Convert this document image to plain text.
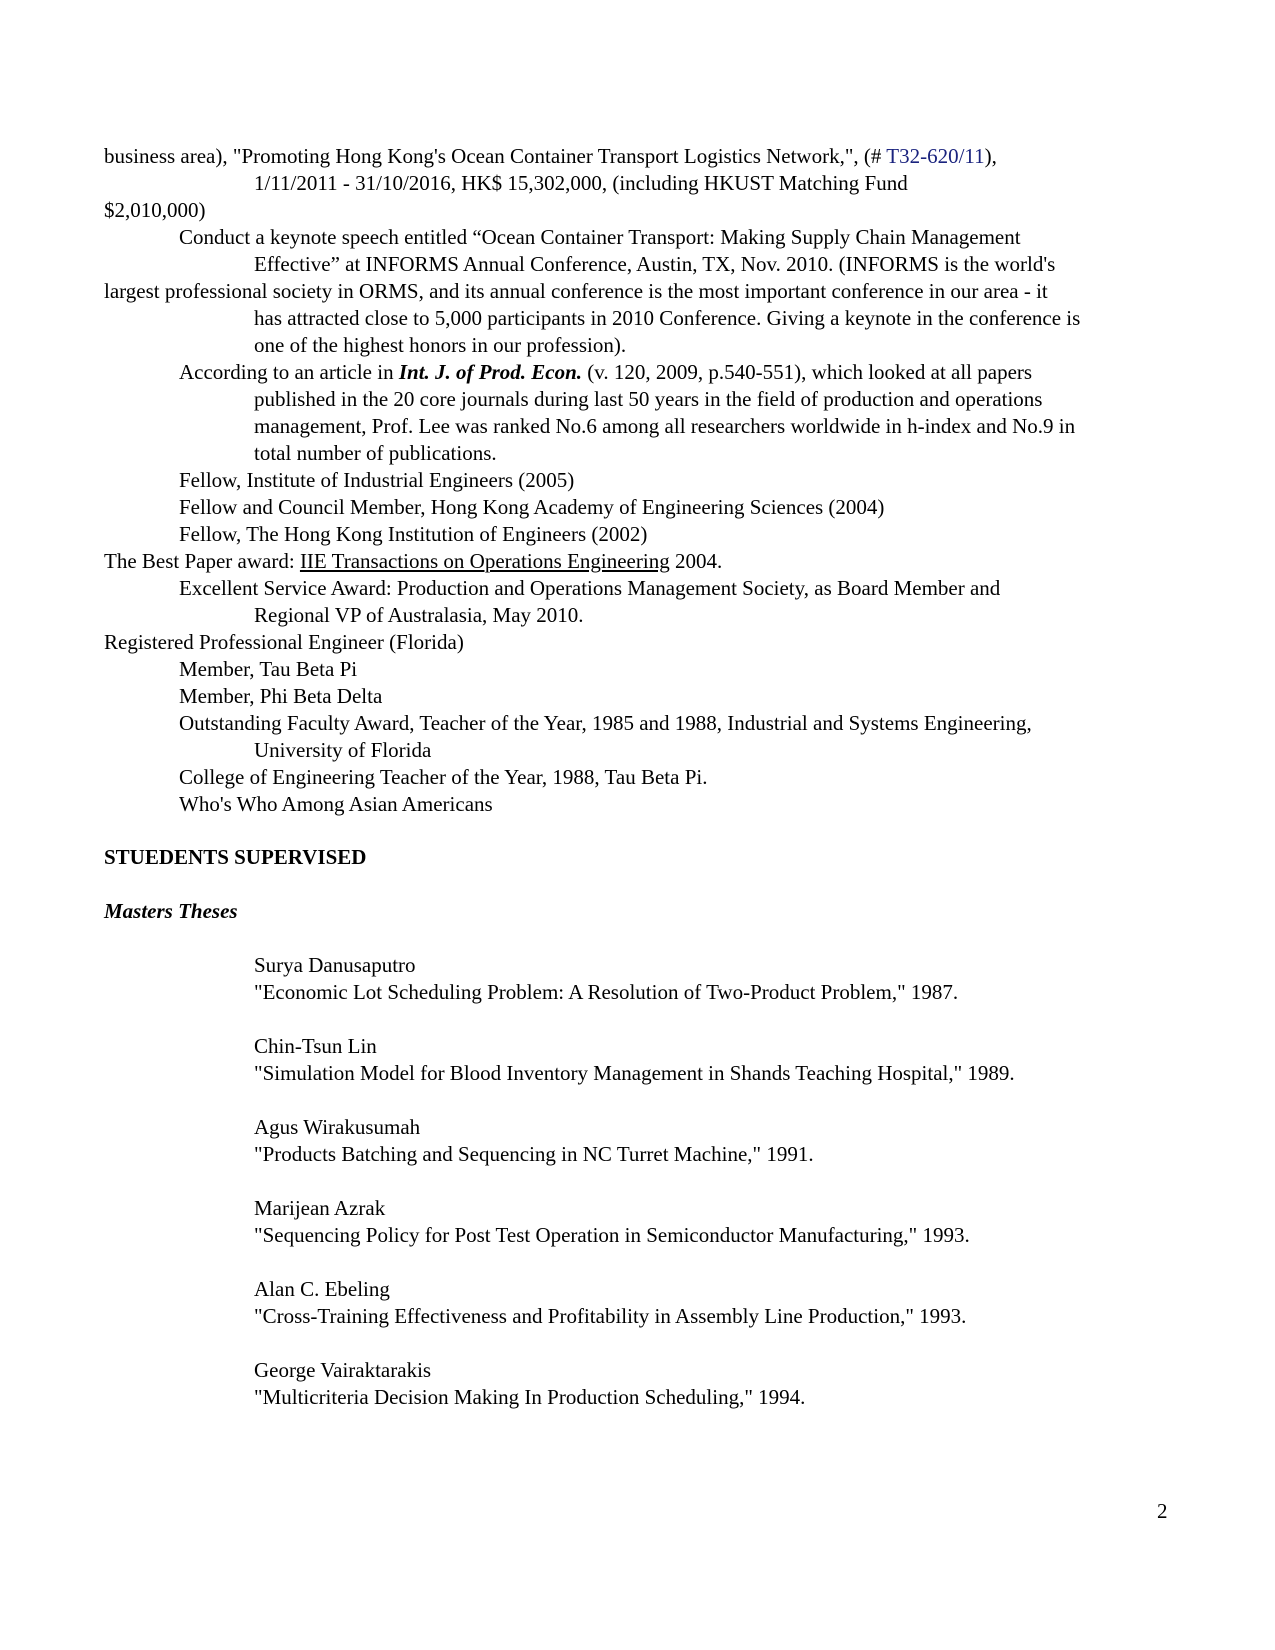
business area), "Promoting Hong Kong's Ocean Container Transport Logistics Network,", (# T32-620/11),
1/11/2011 - 31/10/2016, HK$ 15,302,000, (including HKUST Matching Fund
$2,010,000)
Conduct a keynote speech entitled “Ocean Container Transport: Making Supply Chain Management
Effective” at INFORMS Annual Conference, Austin, TX, Nov. 2010. (INFORMS is the world's
largest professional society in ORMS, and its annual conference is the most important conference in our area - it
has attracted close to 5,000 participants in 2010 Conference. Giving a keynote in the conference is
one of the highest honors in our profession).
According to an article in Int. J. of Prod. Econ. (v. 120, 2009, p.540-551), which looked at all papers
published in the 20 core journals during last 50 years in the field of production and operations
management, Prof. Lee was ranked No.6 among all researchers worldwide in h-index and No.9 in
total number of publications.
Fellow, Institute of Industrial Engineers (2005)
Fellow and Council Member, Hong Kong Academy of Engineering Sciences (2004)
Fellow, The Hong Kong Institution of Engineers (2002)
The Best Paper award: IIE Transactions on Operations Engineering 2004.
Excellent Service Award: Production and Operations Management Society, as Board Member and
Regional VP of Australasia, May 2010.
Registered Professional Engineer (Florida)
Member, Tau Beta Pi
Member, Phi Beta Delta
Outstanding Faculty Award, Teacher of the Year, 1985 and 1988, Industrial and Systems Engineering,
University of Florida
College of Engineering Teacher of the Year, 1988, Tau Beta Pi.
Who's Who Among Asian Americans
STUEDENTS SUPERVISED
Masters Theses
Surya Danusaputro
"Economic Lot Scheduling Problem: A Resolution of Two-Product Problem," 1987.
Chin-Tsun Lin
"Simulation Model for Blood Inventory Management in Shands Teaching Hospital," 1989.
Agus Wirakusumah
"Products Batching and Sequencing in NC Turret Machine," 1991.
Marijean Azrak
"Sequencing Policy for Post Test Operation in Semiconductor Manufacturing," 1993.
Alan C. Ebeling
"Cross-Training Effectiveness and Profitability in Assembly Line Production," 1993.
George Vairaktarakis
"Multicriteria Decision Making In Production Scheduling," 1994.
2
